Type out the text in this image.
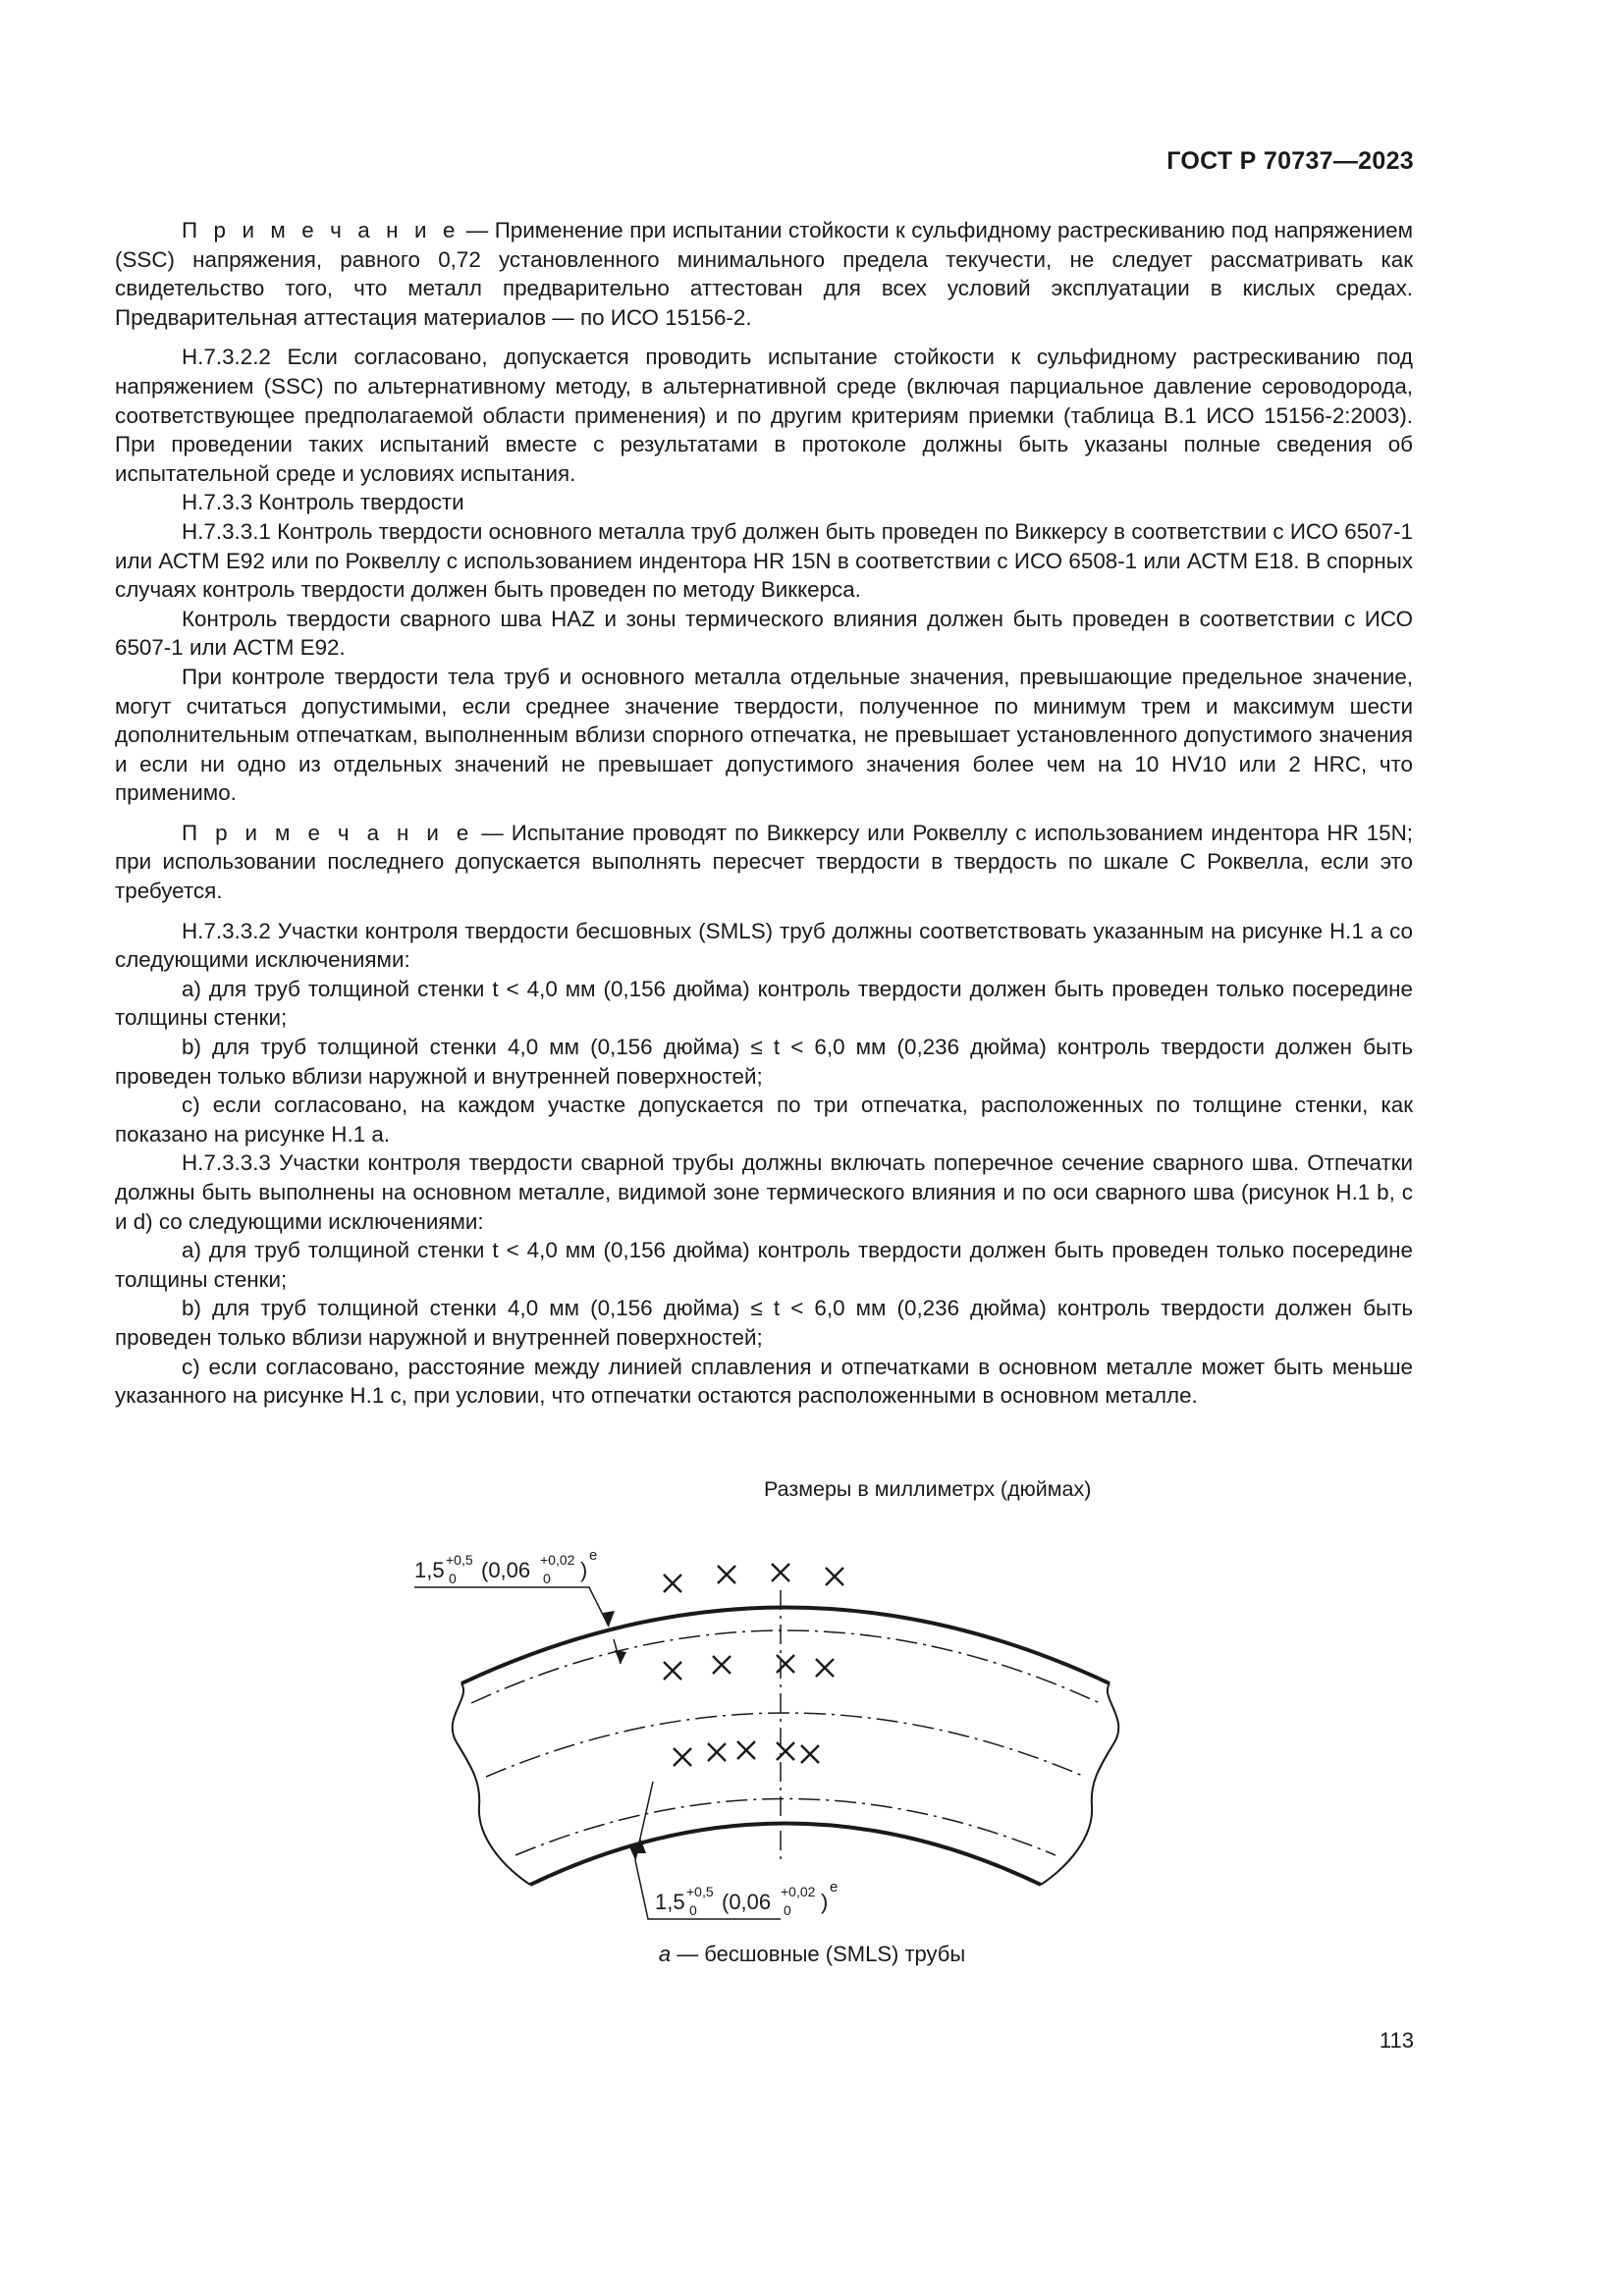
ГОСТ Р 70737—2023

П р и м е ч а н и е — Применение при испытании стойкости к сульфидному растрескиванию под напряжением (SSC) напряжения, равного 0,72 установленного минимального предела текучести, не следует рассматривать как свидетельство того, что металл предварительно аттестован для всех условий эксплуатации в кислых средах. Предварительная аттестация материалов — по ИСО 15156-2.

H.7.3.2.2 Если согласовано, допускается проводить испытание стойкости к сульфидному растрескиванию под напряжением (SSC) по альтернативному методу, в альтернативной среде (включая парциальное давление сероводорода, соответствующее предполагаемой области применения) и по другим критериям приемки (таблица B.1 ИСО 15156-2:2003). При проведении таких испытаний вместе с результатами в протоколе должны быть указаны полные сведения об испытательной среде и условиях испытания.

H.7.3.3 Контроль твердости

H.7.3.3.1 Контроль твердости основного металла труб должен быть проведен по Виккерсу в соответствии с ИСО 6507-1 или АСТМ Е92 или по Роквеллу с использованием индентора HR 15N в соответствии с ИСО 6508-1 или АСТМ Е18. В спорных случаях контроль твердости должен быть проведен по методу Виккерса.

Контроль твердости сварного шва HAZ и зоны термического влияния должен быть проведен в соответствии с ИСО 6507-1 или АСТМ Е92.

При контроле твердости тела труб и основного металла отдельные значения, превышающие предельное значение, могут считаться допустимыми, если среднее значение твердости, полученное по минимум трем и максимум шести дополнительным отпечаткам, выполненным вблизи спорного отпечатка, не превышает установленного допустимого значения и если ни одно из отдельных значений не превышает допустимого значения более чем на 10 HV10 или 2 HRC, что применимо.

П р и м е ч а н и е — Испытание проводят по Виккерсу или Роквеллу с использованием индентора HR 15N; при использовании последнего допускается выполнять пересчет твердости в твердость по шкале С Роквелла, если это требуется.

H.7.3.3.2 Участки контроля твердости бесшовных (SMLS) труб должны соответствовать указанным на рисунке H.1 a со следующими исключениями:

a) для труб толщиной стенки t < 4,0 мм (0,156 дюйма) контроль твердости должен быть проведен только посередине толщины стенки;

b) для труб толщиной стенки 4,0 мм (0,156 дюйма) ≤ t < 6,0 мм (0,236 дюйма) контроль твердости должен быть проведен только вблизи наружной и внутренней поверхностей;

c) если согласовано, на каждом участке допускается по три отпечатка, расположенных по толщине стенки, как показано на рисунке H.1 a.

H.7.3.3.3 Участки контроля твердости сварной трубы должны включать поперечное сечение сварного шва. Отпечатки должны быть выполнены на основном металле, видимой зоне термического влияния и по оси сварного шва (рисунок H.1 b, c и d) со следующими исключениями:

a) для труб толщиной стенки t < 4,0 мм (0,156 дюйма) контроль твердости должен быть проведен только посередине толщины стенки;

b) для труб толщиной стенки 4,0 мм (0,156 дюйма) ≤ t < 6,0 мм (0,236 дюйма) контроль твердости должен быть проведен только вблизи наружной и внутренней поверхностей;

c) если согласовано, расстояние между линией сплавления и отпечатками в основном металле может быть меньше указанного на рисунке H.1 c, при условии, что отпечатки остаются расположенными в основном металле.

Размеры в миллиметрх (дюймах)
1,5 +0,5
0 (0,06 +0,02
0 )
e
1,5 +0,5
0 (0,06 +0,02
0 )
e
a — бесшовные (SMLS) трубы
113
